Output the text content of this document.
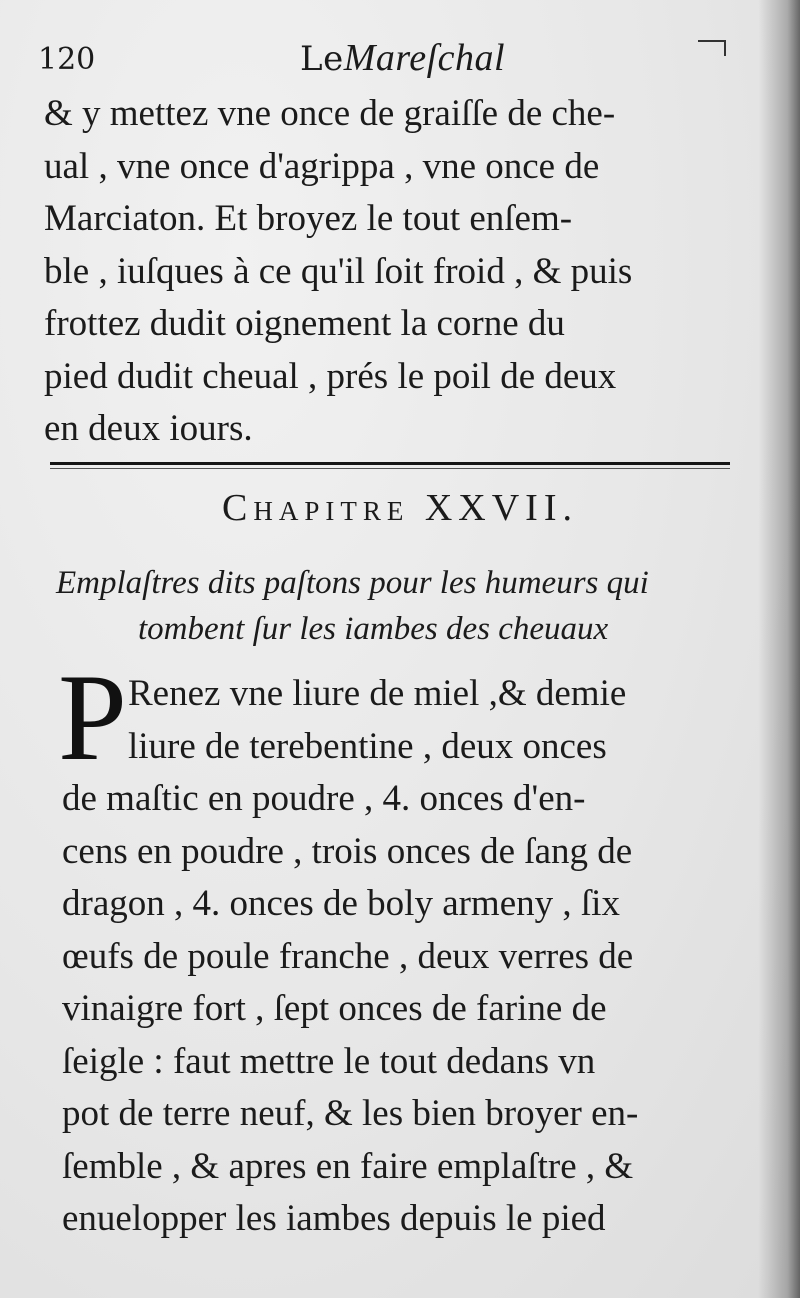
120	LeMareſchal
& y mettez vne once de graiſſe de che-
ual , vne once d'agrippa , vne once de
Marciaton. Et broyez le tout enſem-
ble , iuſques à ce qu'il ſoit froid , & puis
frottez dudit oignement la corne du
pied dudit cheual , prés le poil de deux
en deux iours.
Chapitre XXVII.
Emplaſtres dits paſtons pour les humeurs qui
tombent ſur les iambes des cheuaux
P Renez vne liure de miel ,& demie
liure de terebentine , deux onces
de maſtic en poudre , 4. onces d'en-
cens en poudre , trois onces de ſang de
dragon , 4. onces de boly armeny , ſix
œufs de poule franche , deux verres de
vinaigre fort , ſept onces de farine de
ſeigle : faut mettre le tout dedans vn
pot de terre neuf, & les bien broyer en-
ſemble , & apres en faire emplaſtre , &
enuelopper les iambes depuis le pied
